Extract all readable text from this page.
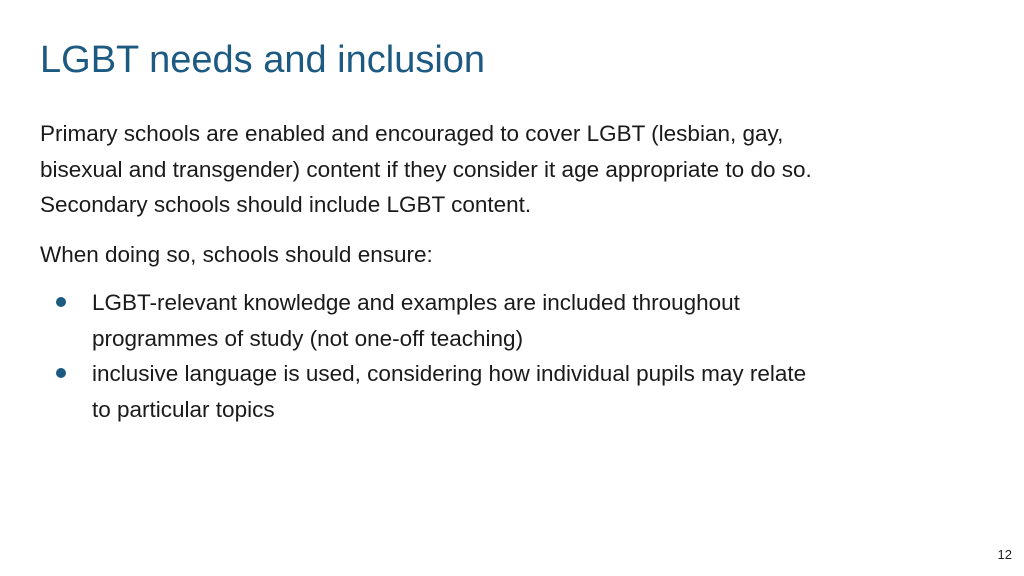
LGBT needs and inclusion

Primary schools are enabled and encouraged to cover LGBT (lesbian, gay, bisexual and transgender) content if they consider it age appropriate to do so. Secondary schools should include LGBT content.

When doing so, schools should ensure:

LGBT-relevant knowledge and examples are included throughout programmes of study (not one-off teaching)
inclusive language is used, considering how individual pupils may relate to particular topics
12
